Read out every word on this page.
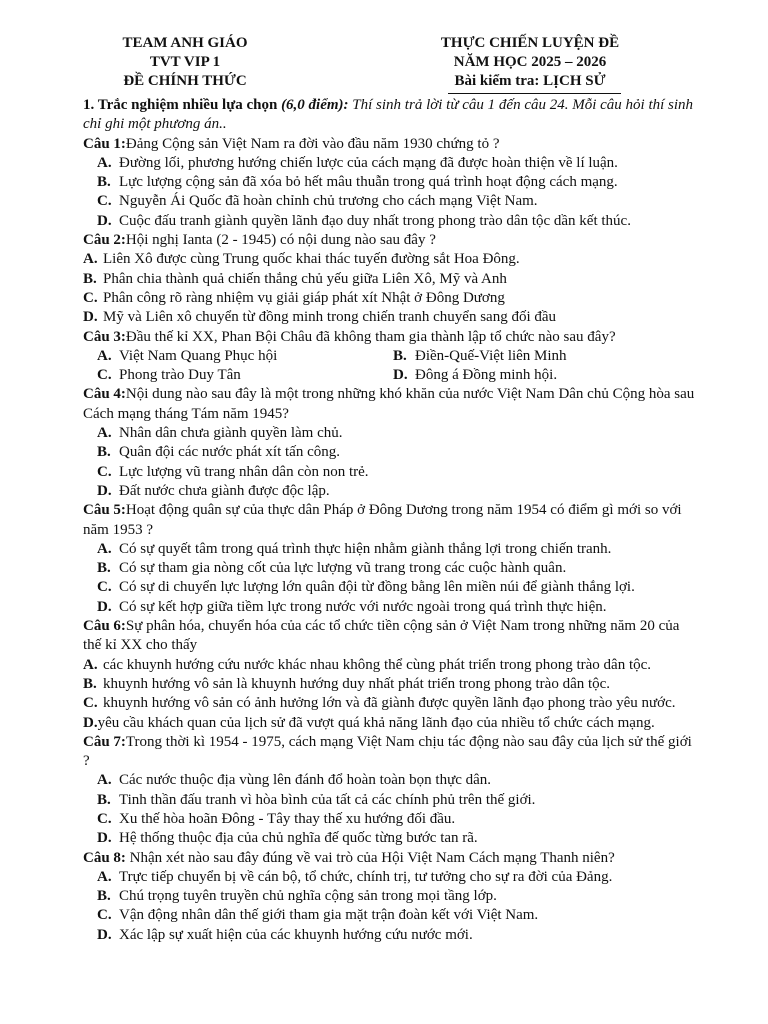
TEAM ANH GIÁO
TVT VIP 1
ĐỀ CHÍNH THỨC
THỰC CHIẾN LUYỆN ĐỀ
NĂM HỌC 2025 – 2026
Bài kiểm tra: LỊCH SỬ
1. Trắc nghiệm nhiều lựa chọn (6,0 điểm): Thí sinh trả lời từ câu 1 đến câu 24. Mỗi câu hỏi thí sinh chỉ ghi một phương án..
Câu 1:Đảng Cộng sản Việt Nam ra đời vào đầu năm 1930 chứng tỏ ?
A. Đường lối, phương hướng chiến lược của cách mạng đã được hoàn thiện về lí luận.
B. Lực lượng cộng sản đã xóa bỏ hết mâu thuẫn trong quá trình hoạt động cách mạng.
C. Nguyễn Ái Quốc đã hoàn chỉnh chủ trương cho cách mạng Việt Nam.
D. Cuộc đấu tranh giành quyền lãnh đạo duy nhất trong phong trào dân tộc dần kết thúc.
Câu 2:Hội nghị Ianta (2 - 1945) có nội dung nào sau đây ?
A. Liên Xô được cùng Trung quốc khai thác tuyến đường sắt Hoa Đông.
B. Phân chia thành quả chiến thắng chủ yếu giữa Liên Xô, Mỹ và Anh
C. Phân công rõ ràng nhiệm vụ giải giáp phát xít Nhật ở Đông Dương
D. Mỹ và Liên xô chuyển từ đồng minh trong chiến tranh chuyển sang đối đầu
Câu 3:Đầu thế kỉ XX, Phan Bội Châu đã không tham gia thành lập tổ chức nào sau đây?
A. Việt Nam Quang Phục hội	B. Điền-Quế-Việt liên Minh
C. Phong trào Duy Tân	D. Đông á Đồng minh hội.
Câu 4:Nội dung nào sau đây là một trong những khó khăn của nước Việt Nam Dân chủ Cộng hòa sau Cách mạng tháng Tám năm 1945?
A. Nhân dân chưa giành quyền làm chủ.
B. Quân đội các nước phát xít tấn công.
C. Lực lượng vũ trang nhân dân còn non trẻ.
D. Đất nước chưa giành được độc lập.
Câu 5:Hoạt động quân sự của thực dân Pháp ở Đông Dương trong năm 1954 có điểm gì mới so với năm 1953 ?
A. Có sự quyết tâm trong quá trình thực hiện nhằm giành thắng lợi trong chiến tranh.
B. Có sự tham gia nòng cốt của lực lượng vũ trang trong các cuộc hành quân.
C. Có sự di chuyển lực lượng lớn quân đội từ đồng bằng lên miền núi để giành thắng lợi.
D. Có sự kết hợp giữa tiềm lực trong nước với nước ngoài trong quá trình thực hiện.
Câu 6:Sự phân hóa, chuyển hóa của các tổ chức tiền cộng sản ở Việt Nam trong những năm 20 của thế kỉ XX cho thấy
A. các khuynh hướng cứu nước khác nhau không thể cùng phát triển trong phong trào dân tộc.
B. khuynh hướng vô sản là khuynh hướng duy nhất phát triển trong phong trào dân tộc.
C. khuynh hướng vô sản có ảnh hưởng lớn và đã giành được quyền lãnh đạo phong trào yêu nước.
D.yêu cầu khách quan của lịch sử đã vượt quá khả năng lãnh đạo của nhiều tổ chức cách mạng.
Câu 7:Trong thời kì 1954 - 1975, cách mạng Việt Nam chịu tác động nào sau đây của lịch sử thế giới ?
A. Các nước thuộc địa vùng lên đánh đổ hoàn toàn bọn thực dân.
B. Tinh thần đấu tranh vì hòa bình của tất cả các chính phủ trên thế giới.
C. Xu thế hòa hoãn Đông - Tây thay thế xu hướng đối đầu.
D. Hệ thống thuộc địa của chủ nghĩa đế quốc từng bước tan rã.
Câu 8: Nhận xét nào sau đây đúng về vai trò của Hội Việt Nam Cách mạng Thanh niên?
A. Trực tiếp chuyển bị về cán bộ, tổ chức, chính trị, tư tưởng cho sự ra đời của Đảng.
B. Chú trọng tuyên truyền chủ nghĩa cộng sản trong mọi tầng lớp.
C. Vận động nhân dân thế giới tham gia mặt trận đoàn kết với Việt Nam.
D. Xác lập sự xuất hiện của các khuynh hướng cứu nước mới.
